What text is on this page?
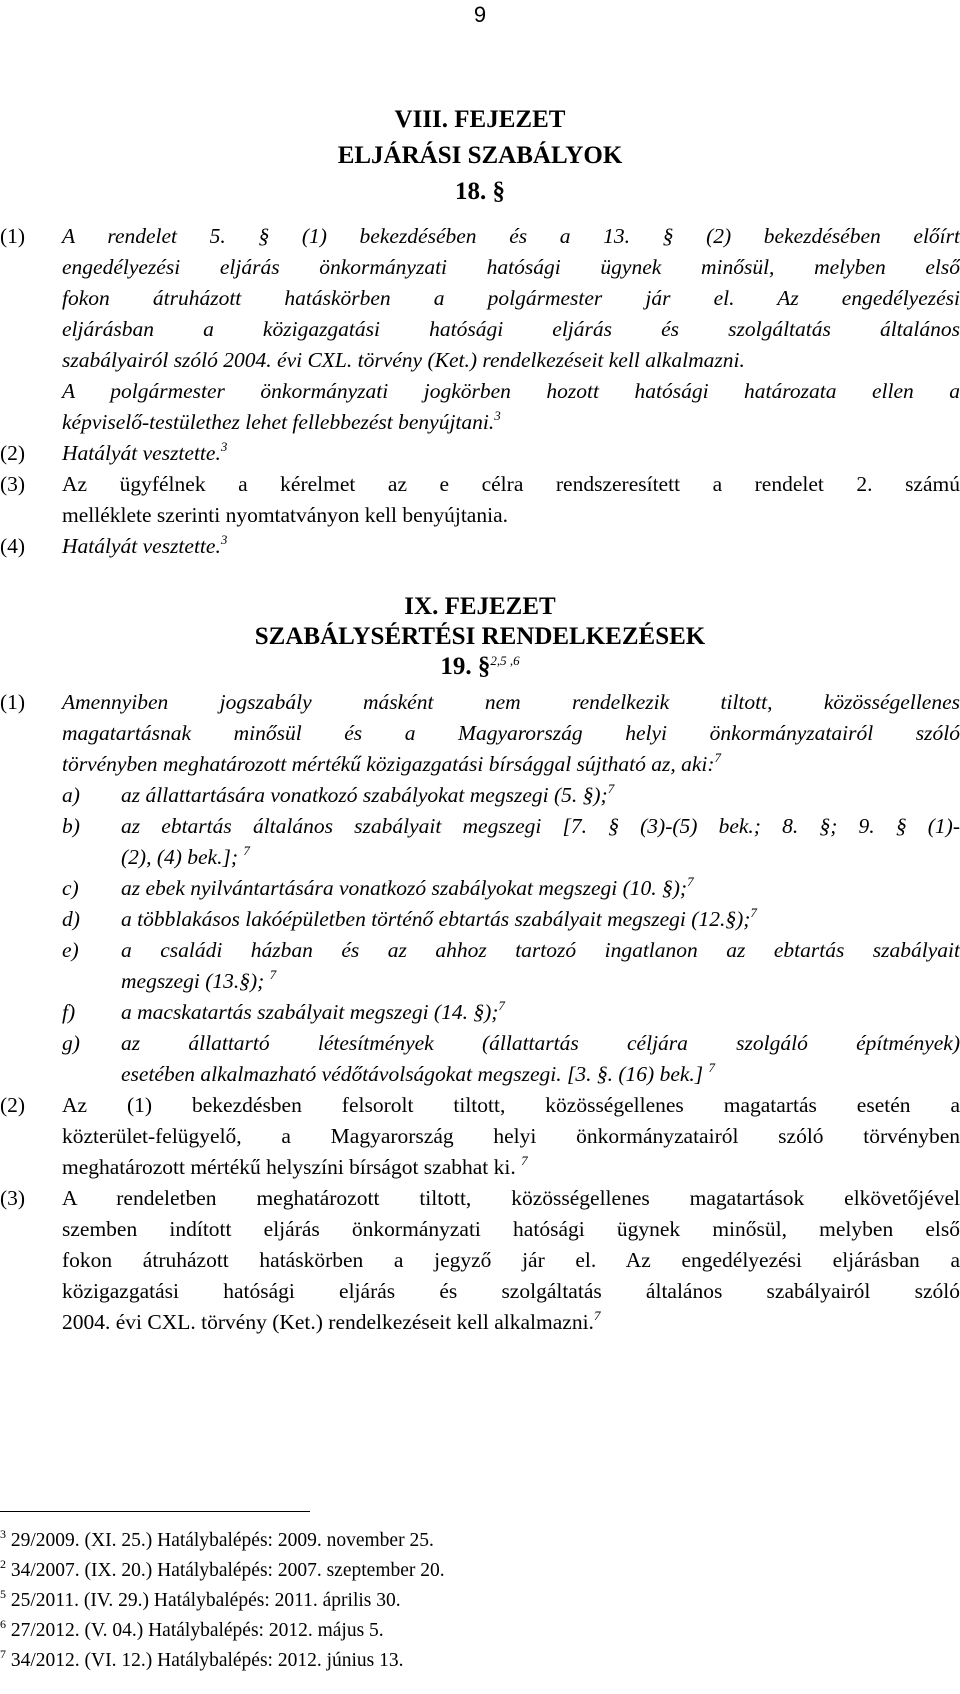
9
VIII. FEJEZET
ELJÁRÁSI SZABÁLYOK
18. §
(1) A rendelet 5. § (1) bekezdésében és a 13. § (2) bekezdésében előírt
engedélyezési eljárás önkormányzati hatósági ügynek minősül, melyben első
fokon átruházott hatáskörben a polgármester jár el. Az engedélyezési
eljárásban a közigazgatási hatósági eljárás és szolgáltatás általános
szabályairól szóló 2004. évi CXL. törvény (Ket.) rendelkezéseit kell alkalmazni.
A polgármester önkormányzati jogkörben hozott hatósági határozata ellen a
képviselő-testülethez lehet fellebbezést benyújtani.$^3$
(2) Hatályát vesztette.$^3$
(3) Az ügyfélnek a kérelmet az e célra rendszeresített a rendelet 2. számú
melléklete szerinti nyomtatványon kell benyújtania.
(4) Hatályát vesztette.$^3$
IX. FEJEZET
SZABÁLYSÉRTÉSI RENDELKEZÉSEK
19. §$^{2,5 ,6}$
(1) Amennyiben jogszabály másként nem rendelkezik tiltott, közösségellenes
magatartásnak minősül és a Magyarország helyi önkormányzatairól szóló
törvényben meghatározott mértékű közigazgatási bírsággal sújtható az, aki:$^7$
a) az állattartására vonatkozó szabályokat megszegi (5. §);$^7$
b) az ebtartás általános szabályait megszegi [7. § (3)-(5) bek.; 8. §; 9. § (1)-
(2), (4) bek.]; $^7$
c) az ebek nyilvántartására vonatkozó szabályokat megszegi (10. §);$^7$
d) a többlakásos lakóépületben történő ebtartás szabályait megszegi (12.§);$^7$
e) a családi házban és az ahhoz tartozó ingatlanon az ebtartás szabályait
megszegi (13.§); $^7$
f) a macskatartás szabályait megszegi (14. §);$^7$
g) az állattartó létesítmények (állattartás céljára szolgáló építmények)
esetében alkalmazható védőtávolságokat megszegi. [3. §. (16) bek.] $^7$
(2) Az (1) bekezdésben felsorolt tiltott, közösségellenes magatartás esetén a
közterület-felügyelő, a Magyarország helyi önkormányzatairól szóló törvényben
meghatározott mértékű helyszíni bírságot szabhat ki. $^7$
(3) A rendeletben meghatározott tiltott, közösségellenes magatartások elkövetőjével
szemben indított eljárás önkormányzati hatósági ügynek minősül, melyben első
fokon átruházott hatáskörben a jegyző jár el. Az engedélyezési eljárásban a
közigazgatási hatósági eljárás és szolgáltatás általános szabályairól szóló
2004. évi CXL. törvény (Ket.) rendelkezéseit kell alkalmazni.$^7$
$^3$ 29/2009. (XI. 25.) Hatálybalépés: 2009. november 25.
$^2$ 34/2007. (IX. 20.) Hatálybalépés: 2007. szeptember 20.
$^5$ 25/2011. (IV. 29.) Hatálybalépés: 2011. április 30.
$^6$ 27/2012. (V. 04.) Hatálybalépés: 2012. május 5.
$^7$ 34/2012. (VI. 12.) Hatálybalépés: 2012. június 13.
